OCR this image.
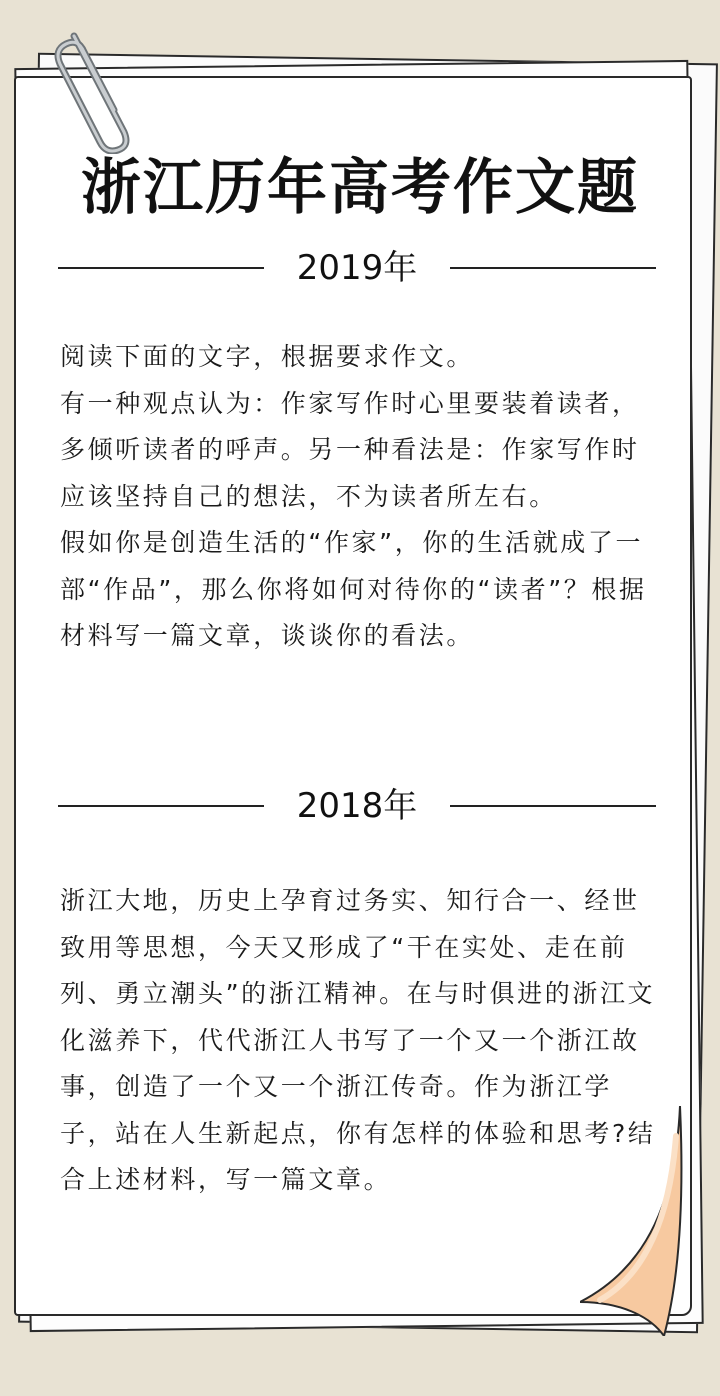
浙江历年高考作文题
2019年

阅读下面的文字，根据要求作文。

有一种观点认为：作家写作时心里要装着读者，多倾听读者的呼声。另一种看法是：作家写作时应该坚持自己的想法，不为读者所左右。

假如你是创造生活的“作家”，你的生活就成了一部“作品”，那么你将如何对待你的“读者”？根据材料写一篇文章，谈谈你的看法。

2018年

浙江大地，历史上孕育过务实、知行合一、经世致用等思想，今天又形成了“干在实处、走在前列、勇立潮头”的浙江精神。在与时俱进的浙江文化滋养下，代代浙江人书写了一个又一个浙江故事，创造了一个又一个浙江传奇。作为浙江学子，站在人生新起点，你有怎样的体验和思考?结合上述材料，写一篇文章。
